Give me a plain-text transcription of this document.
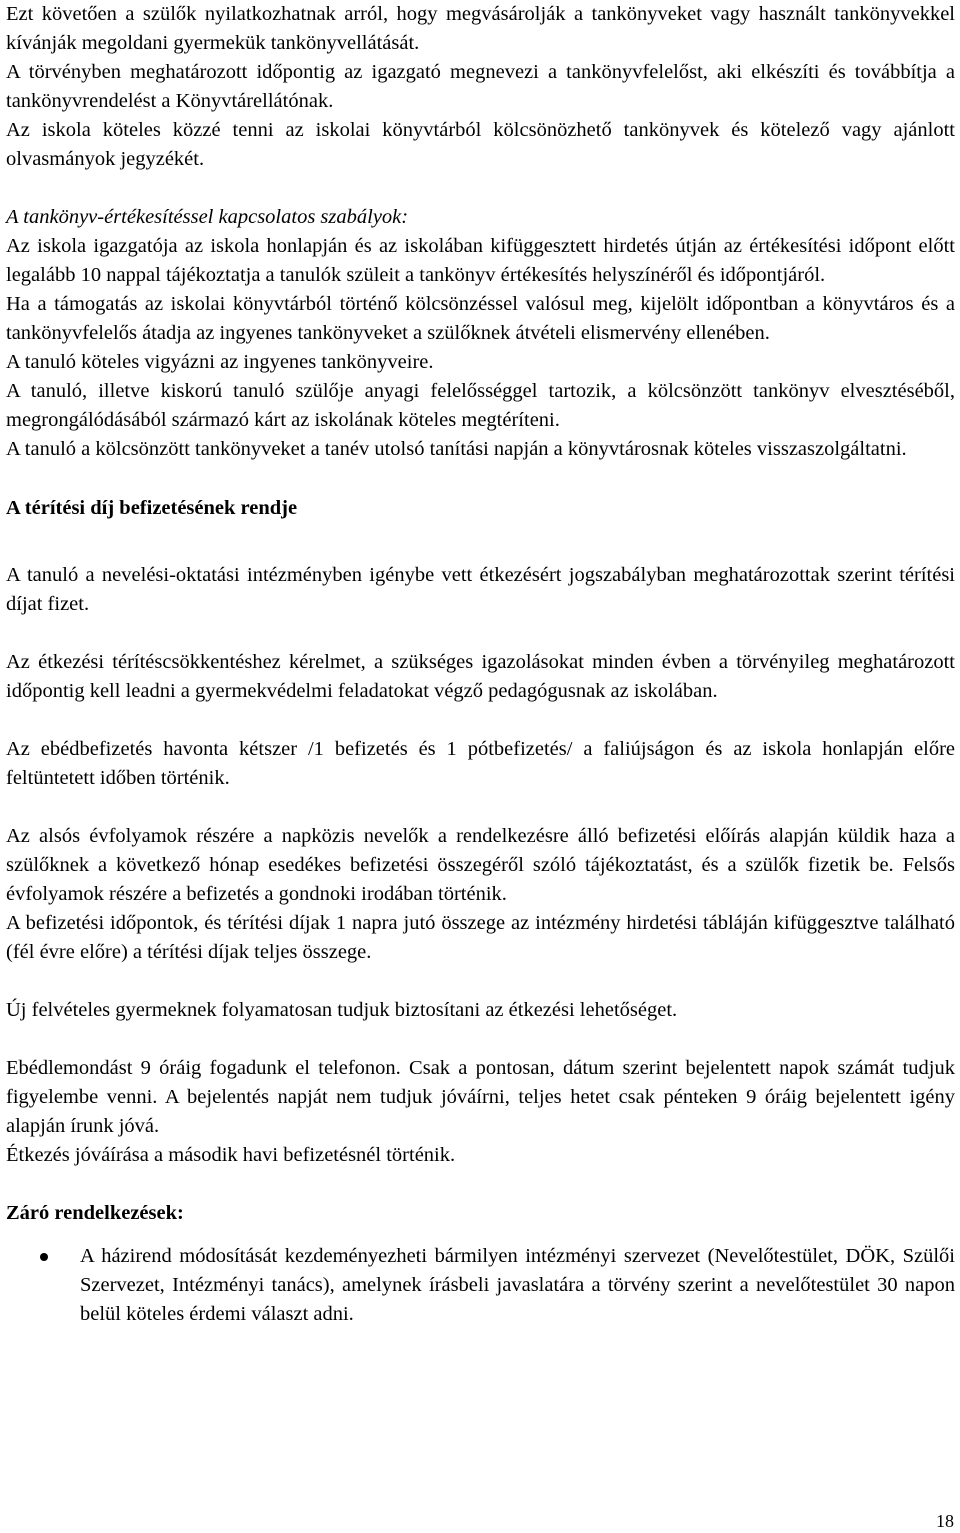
Ezt követően a szülők nyilatkozhatnak arról, hogy megvásárolják a tankönyveket vagy használt tankönyvekkel kívánják megoldani gyermekük tankönyvellátását.

A törvényben meghatározott időpontig az igazgató megnevezi a tankönyvfelelőst, aki elkészíti és továbbítja a tankönyvrendelést a Könyvtárellátónak.

Az iskola köteles közzé tenni az iskolai könyvtárból kölcsönözhető tankönyvek és kötelező vagy ajánlott olvasmányok jegyzékét.

A tankönyv-értékesítéssel kapcsolatos szabályok:

Az iskola igazgatója az iskola honlapján és az iskolában kifüggesztett hirdetés útján az értékesítési időpont előtt legalább 10 nappal tájékoztatja a tanulók szüleit a tankönyv értékesítés helyszínéről és időpontjáról.

Ha a támogatás az iskolai könyvtárból történő kölcsönzéssel valósul meg, kijelölt időpontban a könyvtáros és a tankönyvfelelős átadja az ingyenes tankönyveket a szülőknek átvételi elismervény ellenében.

A tanuló köteles vigyázni az ingyenes tankönyveire.

A tanuló, illetve kiskorú tanuló szülője anyagi felelősséggel tartozik, a kölcsönzött tankönyv elvesztéséből, megrongálódásából származó kárt az iskolának köteles megtéríteni.

A tanuló a kölcsönzött tankönyveket a tanév utolsó tanítási napján a könyvtárosnak köteles visszaszolgáltatni.

A térítési díj befizetésének rendje

A tanuló a nevelési-oktatási intézményben igénybe vett étkezésért jogszabályban meghatározottak szerint térítési díjat fizet.

Az étkezési térítéscsökkentéshez kérelmet, a szükséges igazolásokat minden évben a törvényileg meghatározott időpontig kell leadni a gyermekvédelmi feladatokat végző pedagógusnak az iskolában.

Az ebédbefizetés havonta kétszer /1 befizetés és 1 pótbefizetés/ a faliújságon és az iskola honlapján előre feltüntetett időben történik.

Az alsós évfolyamok részére a napközis nevelők a rendelkezésre álló befizetési előírás alapján küldik haza a szülőknek a következő hónap esedékes befizetési összegéről szóló tájékoztatást, és a szülők fizetik be. Felsős évfolyamok részére a befizetés a gondnoki irodában történik.

A befizetési időpontok, és térítési díjak 1 napra jutó összege az intézmény hirdetési tábláján kifüggesztve található (fél évre előre) a térítési díjak teljes összege.

Új felvételes gyermeknek folyamatosan tudjuk biztosítani az étkezési lehetőséget.

Ebédlemondást 9 óráig fogadunk el telefonon. Csak a pontosan, dátum szerint bejelentett napok számát tudjuk figyelembe venni. A bejelentés napját nem tudjuk jóváírni, teljes hetet csak pénteken 9 óráig bejelentett igény alapján írunk jóvá.

Étkezés jóváírása a második havi befizetésnél történik.

Záró rendelkezések:

A házirend módosítását kezdeményezheti bármilyen intézményi szervezet (Nevelőtestület, DÖK, Szülői Szervezet, Intézményi tanács), amelynek írásbeli javaslatára a törvény szerint a nevelőtestület 30 napon belül köteles érdemi választ adni.
18
